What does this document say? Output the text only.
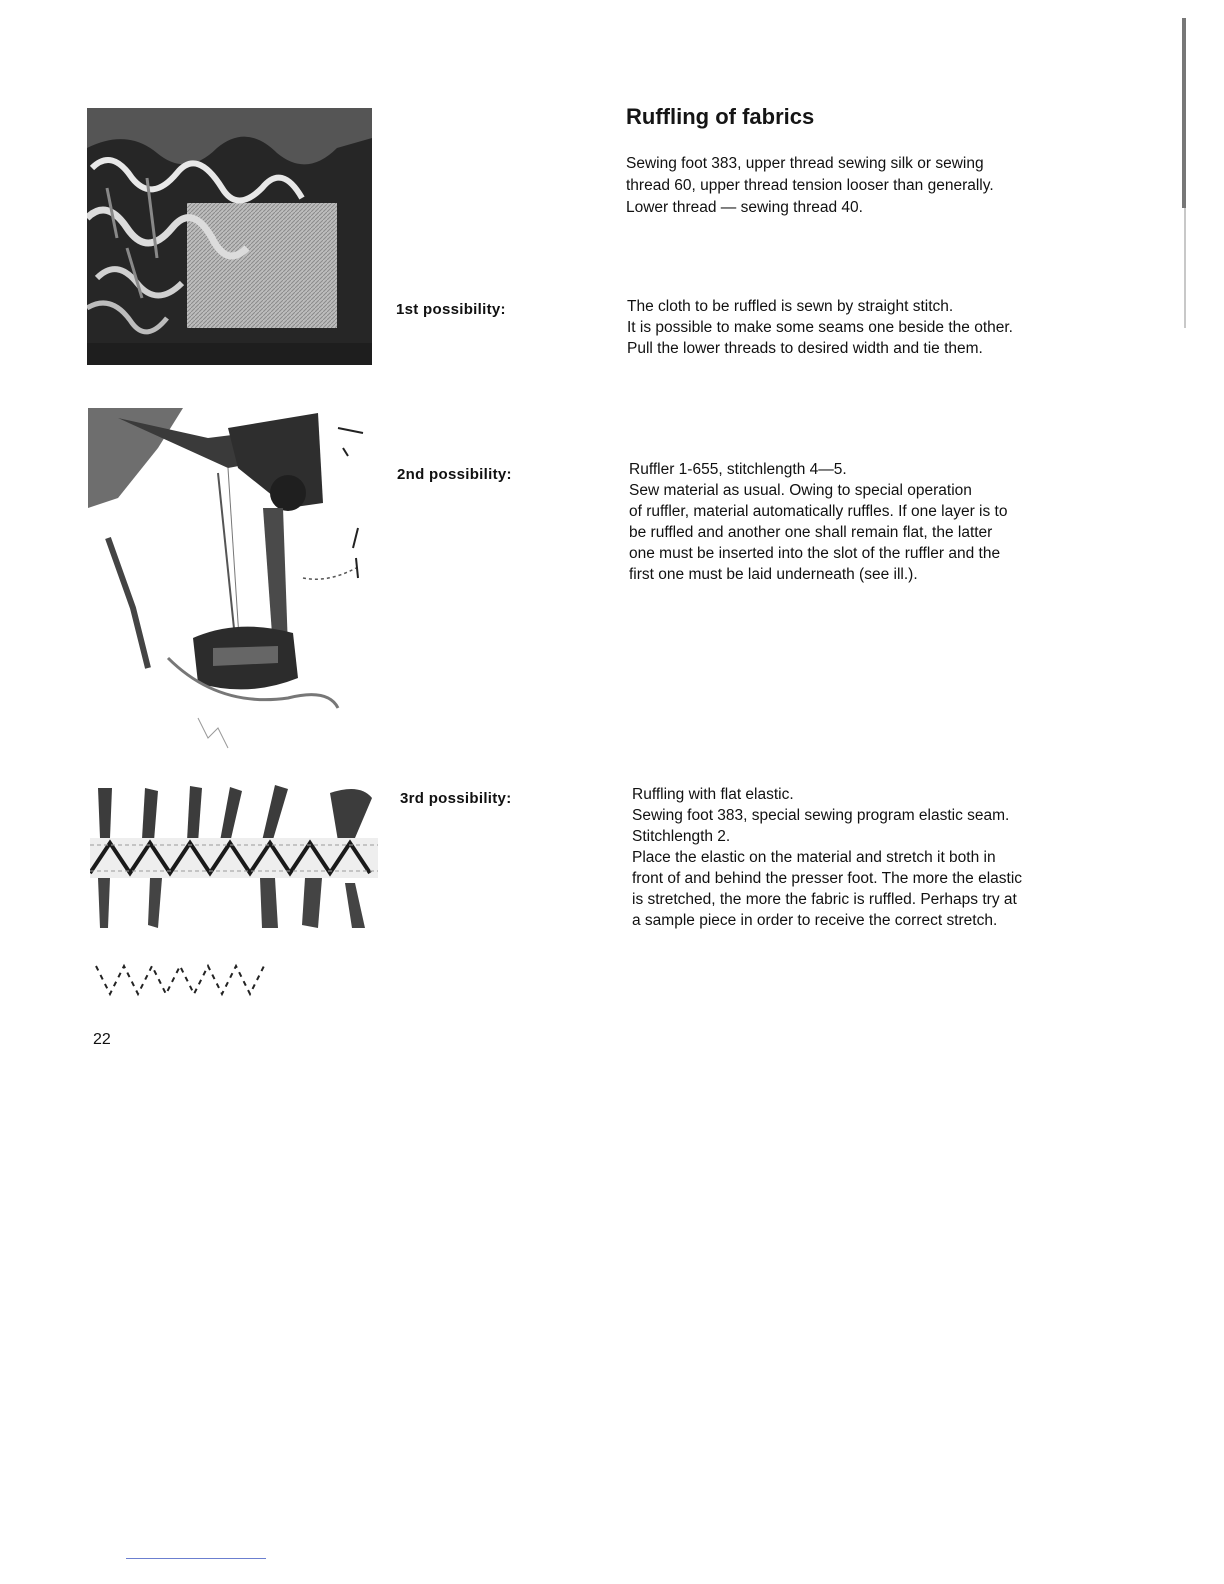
Ruffling of fabrics
Sewing foot 383, upper thread sewing silk or sewing
thread 60, upper thread tension looser than generally.
Lower thread — sewing thread 40.
1st possibility:	The cloth to be ruffled is sewn by straight stitch.
It is possible to make some seams one beside the other.
Pull the lower threads to desired width and tie them.
2nd possibility:	Ruffler 1-655, stitchlength 4—5.
Sew material as usual. Owing to special operation
of ruffler, material automatically ruffles. If one layer is to
be ruffled and another one shall remain flat, the latter
one must be inserted into the slot of the ruffler and the
first one must be laid underneath (see ill.).
3rd possibility:	Ruffling with flat elastic.
Sewing foot 383, special sewing program elastic seam.
Stitchlength 2.
Place the elastic on the material and stretch it both in
front of and behind the presser foot. The more the elastic
is stretched, the more the fabric is ruffled. Perhaps try at
a sample piece in order to receive the correct stretch.
22
